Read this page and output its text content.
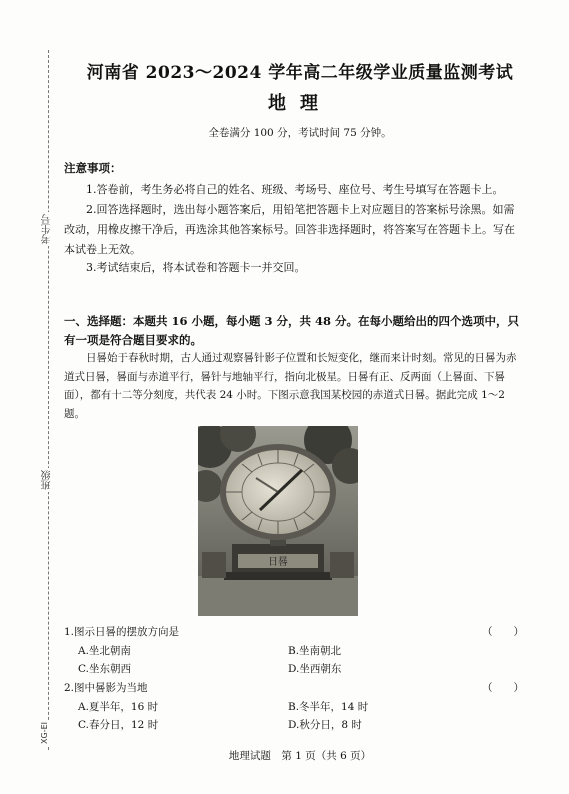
考生号
班级
XG-EI
河南省 2023～2024 学年高二年级学业质量监测考试
地理
全卷满分 100 分，考试时间 75 分钟。
注意事项：
1.答卷前，考生务必将自己的姓名、班级、考场号、座位号、考生号填写在答题卡上。
2.回答选择题时，选出每小题答案后，用铅笔把答题卡上对应题目的答案标号涂黑。如需改动，用橡皮擦干净后，再选涂其他答案标号。回答非选择题时，将答案写在答题卡上。写在本试卷上无效。
3.考试结束后，将本试卷和答题卡一并交回。
一、选择题：本题共 16 小题，每小题 3 分，共 48 分。在每小题给出的四个选项中，只有一项是符合题目要求的。
日晷始于春秋时期，古人通过观察晷针影子位置和长短变化，继而来计时刻。常见的日晷为赤道式日晷，晷面与赤道平行，晷针与地轴平行，指向北极星。日晷有正、反两面（上晷面、下晷面），都有十二等分刻度，共代表 24 小时。下图示意我国某校园的赤道式日晷。据此完成 1～2 题。
日晷
1.图示日晷的摆放方向是	（　　）
A.坐北朝南	B.坐南朝北
C.坐东朝西	D.坐西朝东
2.图中晷影为当地	（　　）
A.夏半年，16 时	B.冬半年，14 时
C.春分日，12 时	D.秋分日，8 时
地理试题　第 1 页（共 6 页）
